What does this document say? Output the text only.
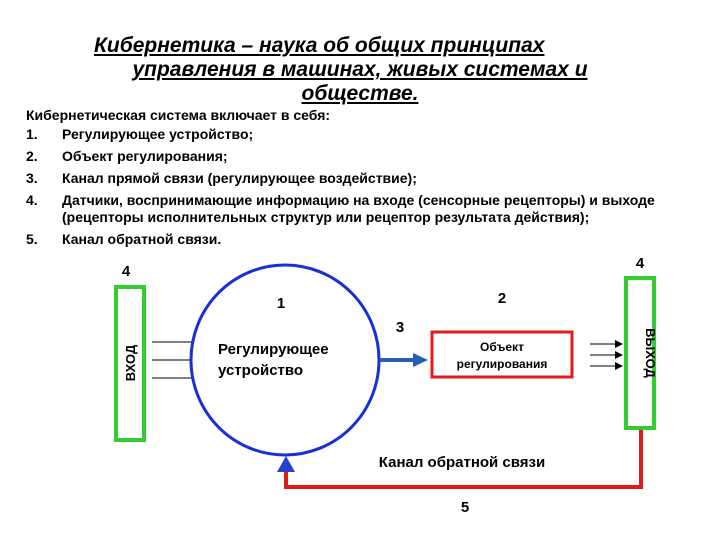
Кибернетика – наука об общих принципах
управления в машинах, живых системах и
обществе.
Кибернетическая система включает в себя:
1. Регулирующее устройство;
2. Объект регулирования;
3. Канал прямой связи (регулирующее воздействие);
4. Датчики, воспринимающие информацию на входе (сенсорные рецепторы) и выходе (рецепторы исполнительных структур или рецептор результата действия);
5. Канал обратной связи.
ВХОД
4
1
Регулирующее
устройство
3
2
Объект
регулирования
4
ВЫХОД
Канал обратной связи
5
